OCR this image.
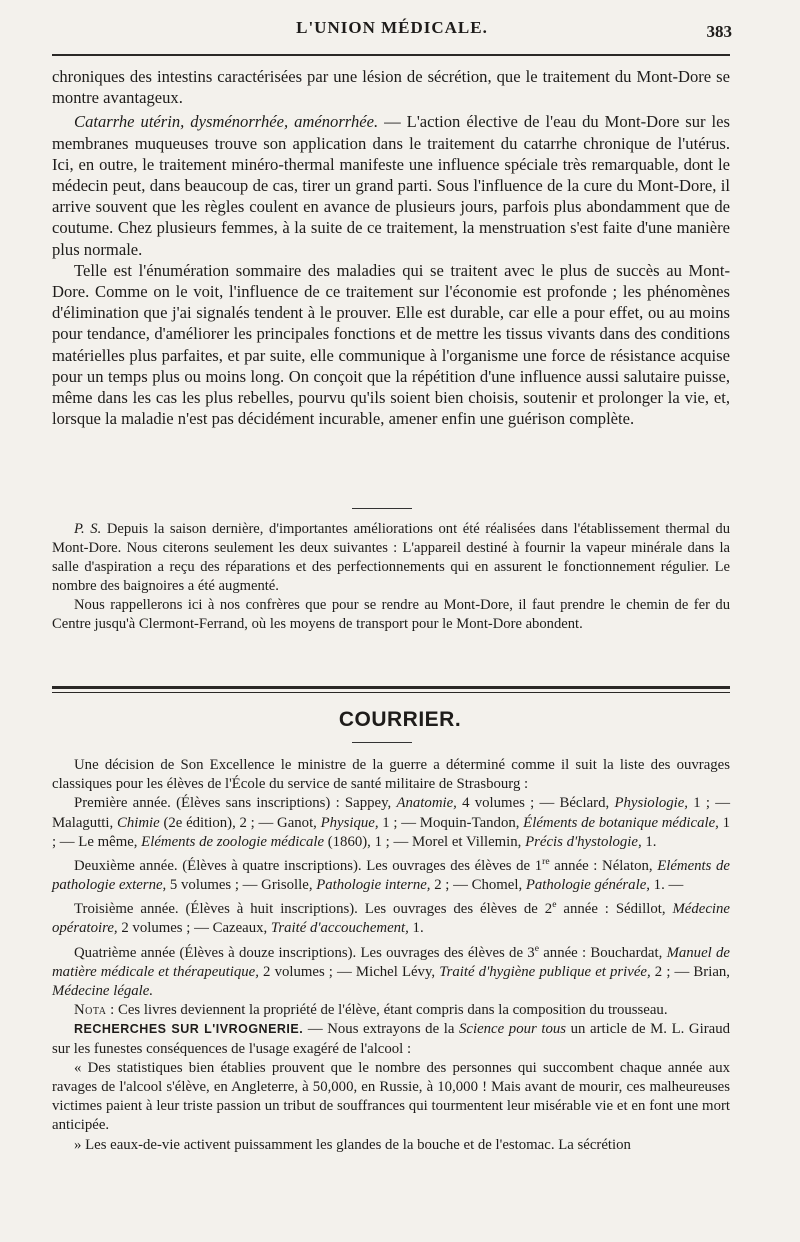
L'UNION MÉDICALE.	383

chroniques des intestins caractérisées par une lésion de sécrétion, que le traitement du Mont-Dore se montre avantageux.

Catarrhe utérin, dysménorrhée, aménorrhée. — L'action élective de l'eau du Mont-Dore sur les membranes muqueuses trouve son application dans le traitement du catarrhe chronique de l'utérus. Ici, en outre, le traitement minéro-thermal manifeste une influence spéciale très remarquable, dont le médecin peut, dans beaucoup de cas, tirer un grand parti. Sous l'influence de la cure du Mont-Dore, il arrive souvent que les règles coulent en avance de plusieurs jours, parfois plus abondamment que de coutume. Chez plusieurs femmes, à la suite de ce traitement, la menstruation s'est faite d'une manière plus normale.

Telle est l'énumération sommaire des maladies qui se traitent avec le plus de succès au Mont-Dore. Comme on le voit, l'influence de ce traitement sur l'économie est profonde ; les phénomènes d'élimination que j'ai signalés tendent à le prouver. Elle est durable, car elle a pour effet, ou au moins pour tendance, d'améliorer les principales fonctions et de mettre les tissus vivants dans des conditions matérielles plus parfaites, et par suite, elle communique à l'organisme une force de résistance acquise pour un temps plus ou moins long. On conçoit que la répétition d'une influence aussi salutaire puisse, même dans les cas les plus rebelles, pourvu qu'ils soient bien choisis, soutenir et prolonger la vie, et, lorsque la maladie n'est pas décidément incurable, amener enfin une guérison complète.

P. S. Depuis la saison dernière, d'importantes améliorations ont été réalisées dans l'établissement thermal du Mont-Dore. Nous citerons seulement les deux suivantes : L'appareil destiné à fournir la vapeur minérale dans la salle d'aspiration a reçu des réparations et des perfectionnements qui en assurent le fonctionnement régulier. Le nombre des baignoires a été augmenté.

Nous rappellerons ici à nos confrères que pour se rendre au Mont-Dore, il faut prendre le chemin de fer du Centre jusqu'à Clermont-Ferrand, où les moyens de transport pour le Mont-Dore abondent.

COURRIER.

Une décision de Son Excellence le ministre de la guerre a déterminé comme il suit la liste des ouvrages classiques pour les élèves de l'École du service de santé militaire de Strasbourg :

Première année. (Élèves sans inscriptions) : Sappey, Anatomie, 4 volumes ; — Béclard, Physiologie, 1 ; — Malagutti, Chimie (2e édition), 2 ; — Ganot, Physique, 1 ; — Moquin-Tandon, Éléments de botanique médicale, 1 ; — Le même, Eléments de zoologie médicale (1860), 1 ; — Morel et Villemin, Précis d'hystologie, 1.

Deuxième année. (Élèves à quatre inscriptions). Les ouvrages des élèves de 1re année : Nélaton, Eléments de pathologie externe, 5 volumes ; — Grisolle, Pathologie interne, 2 ; — Chomel, Pathologie générale, 1. —

Troisième année. (Élèves à huit inscriptions). Les ouvrages des élèves de 2e année : Sédillot, Médecine opératoire, 2 volumes ; — Cazeaux, Traité d'accouchement, 1.

Quatrième année (Élèves à douze inscriptions). Les ouvrages des élèves de 3e année : Bouchardat, Manuel de matière médicale et thérapeutique, 2 volumes ; — Michel Lévy, Traité d'hygiène publique et privée, 2 ; — Brian, Médecine légale.

Nota : Ces livres deviennent la propriété de l'élève, étant compris dans la composition du trousseau.

RECHERCHES SUR L'IVROGNERIE. — Nous extrayons de la Science pour tous un article de M. L. Giraud sur les funestes conséquences de l'usage exagéré de l'alcool :

« Des statistiques bien établies prouvent que le nombre des personnes qui succombent chaque année aux ravages de l'alcool s'élève, en Angleterre, à 50,000, en Russie, à 10,000 ! Mais avant de mourir, ces malheureuses victimes paient à leur triste passion un tribut de souffrances qui tourmentent leur misérable vie et en font une mort anticipée.

» Les eaux-de-vie activent puissamment les glandes de la bouche et de l'estomac. La sécrétion
